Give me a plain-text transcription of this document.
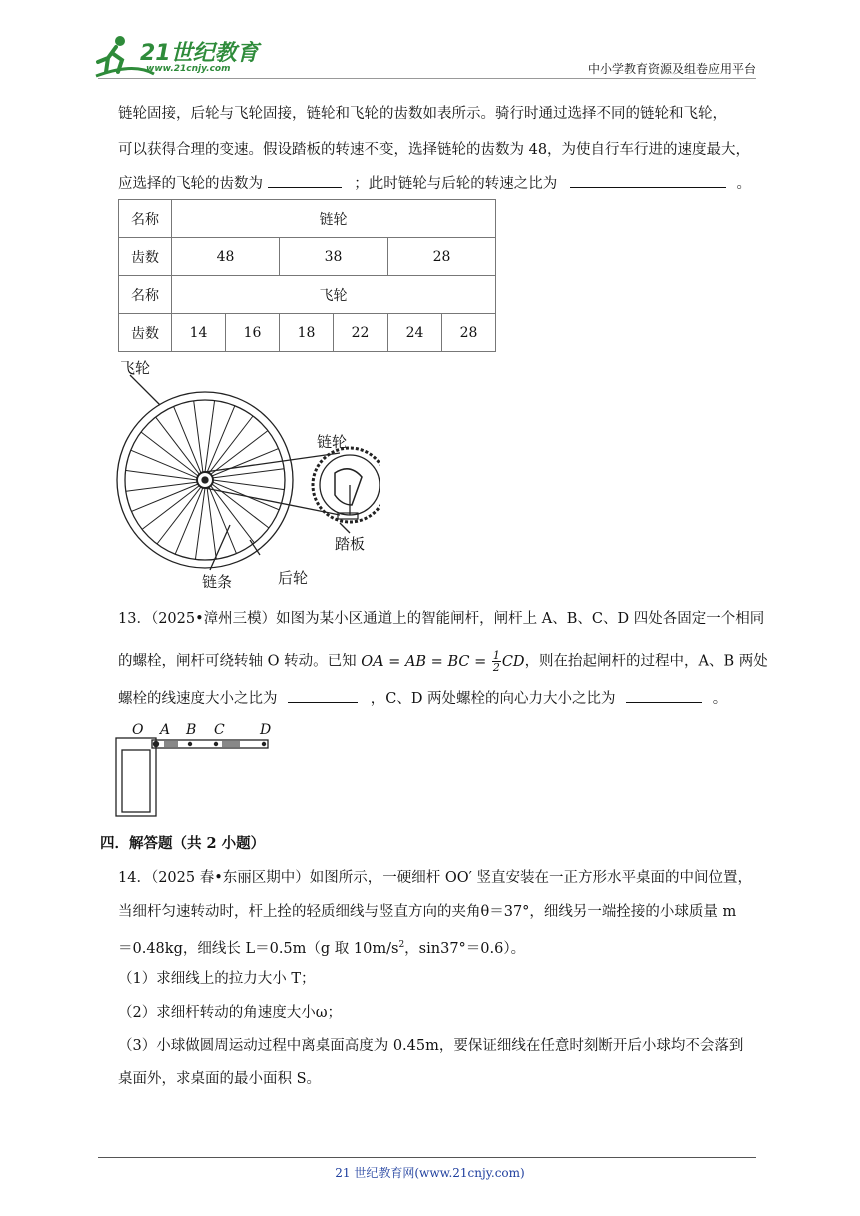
21世纪教育
www.21cnjy.com	中小学教育资源及组卷应用平台
链轮固接，后轮与飞轮固接，链轮和飞轮的齿数如表所示。骑行时通过选择不同的链轮和飞轮，
可以获得合理的变速。假设踏板的转速不变，选择链轮的齿数为 48，为使自行车行进的速度最大，
应选择的飞轮的齿数为	；此时链轮与后轮的转速之比为	。
名称	链轮					
齿数	48		38		28	
名称	飞轮					
齿数	14	16	18	22	24	28
飞轮
链轮
踏板
链条	后轮
13．（2025•漳州三模）如图为某小区通道上的智能闸杆，闸杆上 A、B、C、D 四处各固定一个相同
的螺栓，闸杆可绕转轴 O 转动。已知 OA = AB = BC = $\frac{1}{2}$ CD，则在抬起闸杆的过程中，A、B 两处
螺栓的线速度大小之比为	，C、D 两处螺栓的向心力大小之比为	。
O A B C	D
四．解答题（共 2 小题）
14．（2025 春•东丽区期中）如图所示，一硬细杆 OO′ 竖直安装在一正方形水平桌面的中间位置，
当细杆匀速转动时，杆上拴的轻质细线与竖直方向的夹角θ＝37°，细线另一端拴接的小球质量 m
＝0.48kg，细线长 L＝0.5m（g 取 $10m/s^2$，sin37°＝0.6）。
（1）求细线上的拉力大小 T；
（2）求细杆转动的角速度大小ω；
（3）小球做圆周运动过程中离桌面高度为 0.45m，要保证细线在任意时刻断开后小球均不会落到
桌面外，求桌面的最小面积 S。
21 世纪教育网(www.21cnjy.com)
